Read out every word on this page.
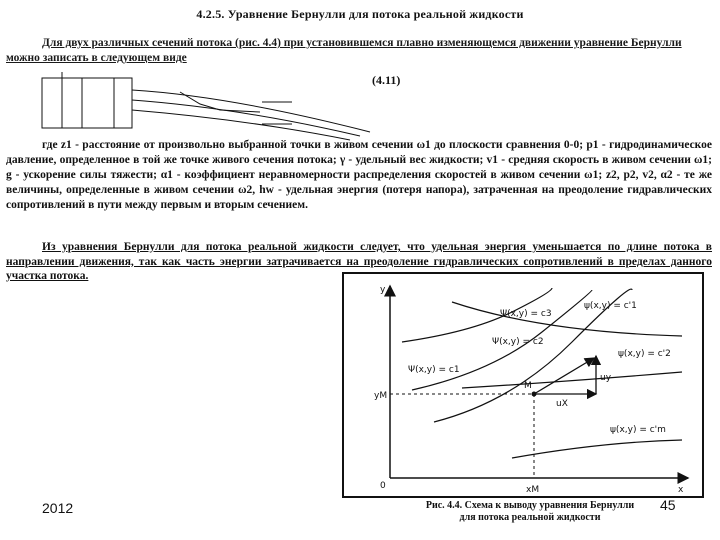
4.2.5. Уравнение Бернулли для потока реальной жидкости
Для двух различных сечений потока (рис. 4.4) при установившемся плавно изменяющемся движении уравнение Бернулли можно записать в следующем виде
(4.11)
где z1 - расстояние от произвольно выбранной точки в живом сечении ω1 до плоскости сравнения 0-0; p1 - гидродинамическое давление, определенное в той же точке живого сечения потока; γ - удельный вес жидкости; v1 - средняя скорость в живом сечении ω1; g - ускорение силы тяжести; α1 - коэффициент неравномерности распределения скоростей в живом сечении ω1; z2, p2, v2, α2 - те же величины, определенные в живом сечении ω2, hw - удельная энергия (потеря напора), затраченная на преодоление гидравлических сопротивлений в пути между первым и вторым сечением.
Из уравнения Бернулли для потока реальной жидкости следует, что удельная энергия уменьшается по длине потока в направлении движения, так как часть энергии затрачивается на преодоление гидравлических сопротивлений в пределах данного участка потока.
y
x
0
yM
xM
Ψ(x,y) = c3
Ψ(x,y) = c2
Ψ(x,y) = c1
ψ(x,y) = c'1
ψ(x,y) = c'2
ψ(x,y) = c'm
M
uX
uy
2012	Рис. 4.4. Схема к выводу уравнения Бернулли
для потока реальной жидкости
45
